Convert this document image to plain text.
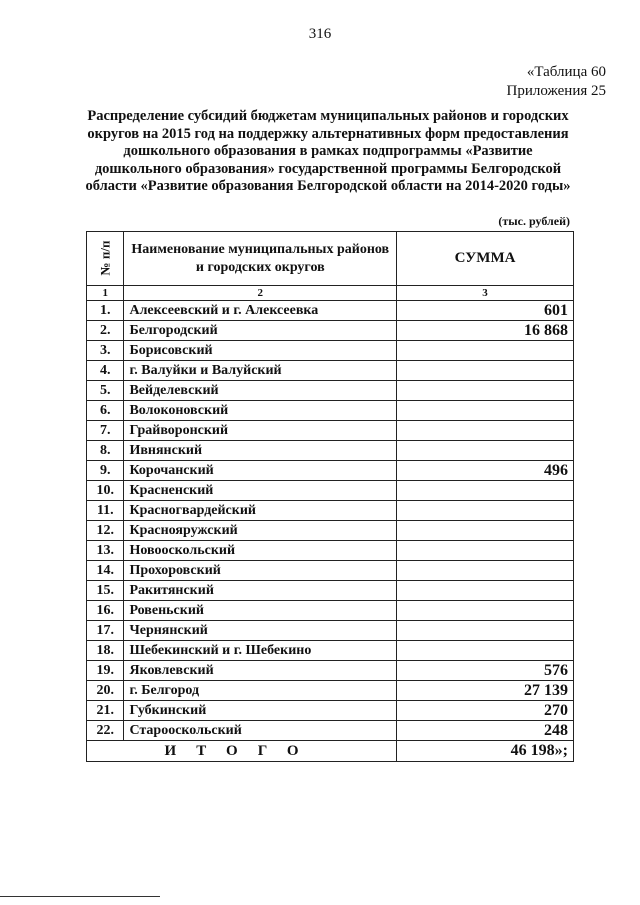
316
«Таблица 60
Приложения 25
Распределение субсидий бюджетам муниципальных районов и городских округов на 2015 год на поддержку альтернативных форм предоставления дошкольного образования в рамках подпрограммы «Развитие дошкольного образования» государственной программы Белгородской области «Развитие образования Белгородской области на 2014-2020 годы»
(тыс. рублей)
№ п/п	Наименование муниципальных районов и городских округов	СУММА
1	2	3
1.	Алексеевский и г. Алексеевка	601
2.	Белгородский	16 868
3.	Борисовский	
4.	г. Валуйки и Валуйский	
5.	Вейделевский	
6.	Волоконовский	
7.	Грайворонский	
8.	Ивнянский	
9.	Корочанский	496
10.	Красненский	
11.	Красногвардейский	
12.	Краснояружский	
13.	Новооскольский	
14.	Прохоровский	
15.	Ракитянский	
16.	Ровеньский	
17.	Чернянский	
18.	Шебекинский и г. Шебекино	
19.	Яковлевский	576
20.	г. Белгород	27 139
21.	Губкинский	270
22.	Старооскольский	248
ИТОГО		46 198»;
